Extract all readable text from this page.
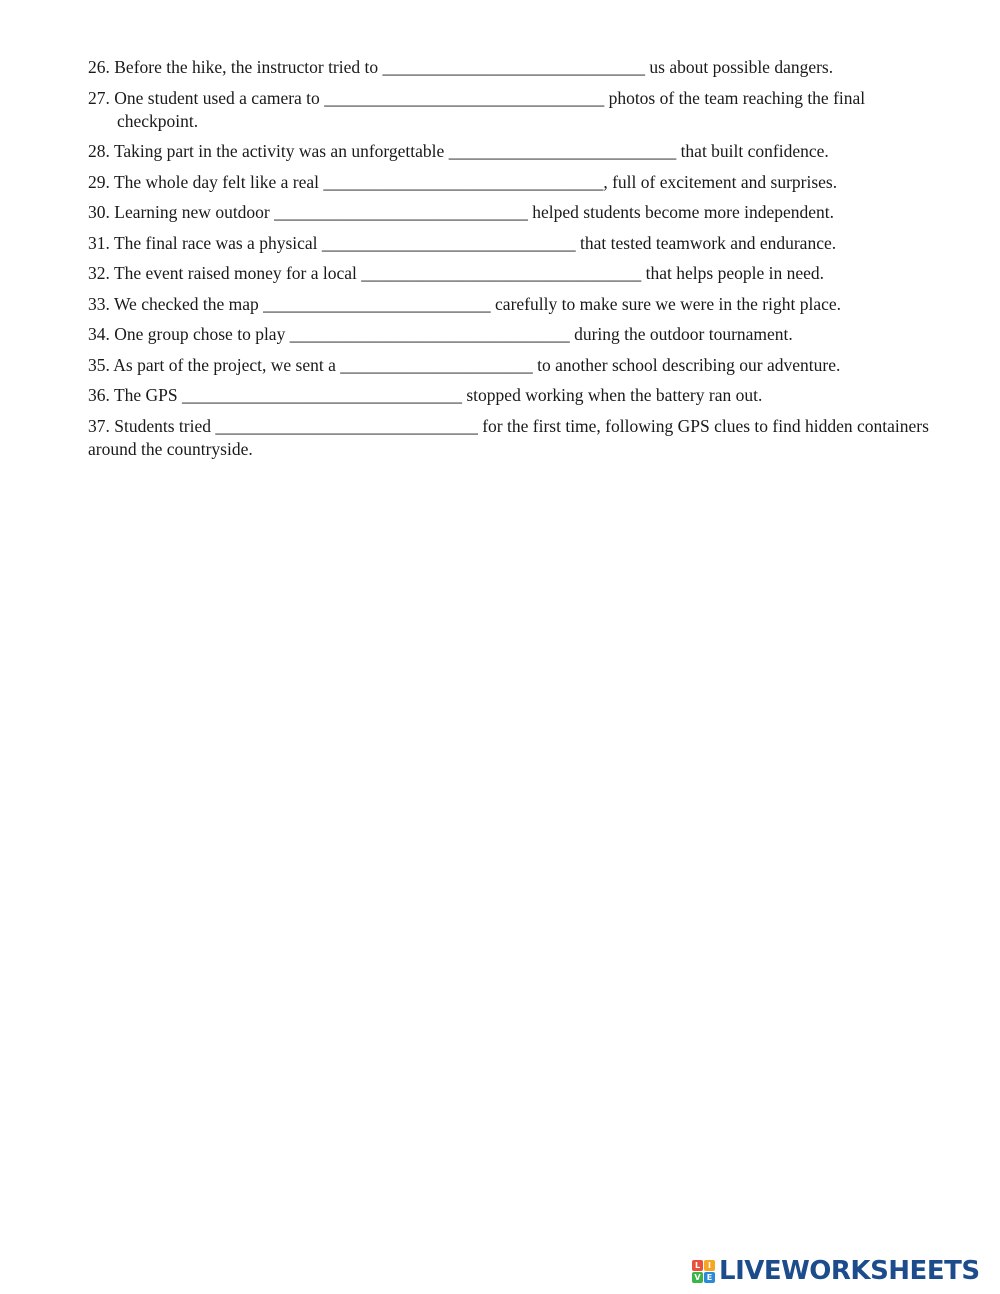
26. Before the hike, the instructor tried to ______________________________ us about possible dangers.

27. One student used a camera to ________________________________ photos of the team reaching the final checkpoint.

28. Taking part in the activity was an unforgettable __________________________ that built confidence.

29. The whole day felt like a real ________________________________, full of excitement and surprises.

30. Learning new outdoor _____________________________ helped students become more independent.

31. The final race was a physical _____________________________ that tested teamwork and endurance.

32. The event raised money for a local ________________________________ that helps people in need.

33. We checked the map __________________________ carefully to make sure we were in the right place.

34. One group chose to play ________________________________ during the outdoor tournament.

35. As part of the project, we sent a ______________________ to another school describing our adventure.

36. The GPS ________________________________ stopped working when the battery ran out.

37. Students tried ______________________________ for the first time, following GPS clues to find hidden containers around the countryside.

L I
V E LIVEWORKSHEETS
